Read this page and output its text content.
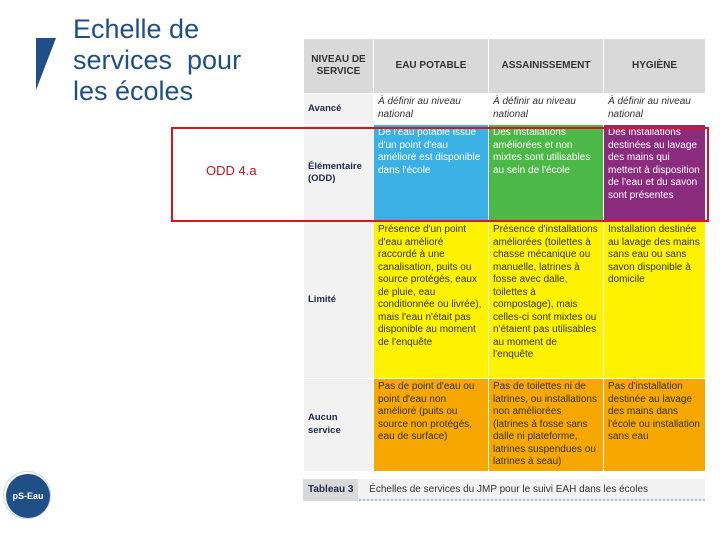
Echelle de
services  pour
les écoles
ODD 4.a
NIVEAU DE SERVICE	EAU POTABLE	ASSAINISSEMENT	HYGIÈNE
Avancé	À définir au niveau national	À définir au niveau national	À définir au niveau national
Élémentaire (ODD)	De l'eau potable issue d'un point d'eau amélioré est disponible dans l'école	Des installations améliorées et non mixtes sont utilisables au sein de l'école	Des installations destinées au lavage des mains qui mettent à disposition de l'eau et du savon sont présentes
Limité	Présence d'un point d'eau amélioré raccordé à une canalisation, puits ou source protégés, eaux de pluie, eau conditionnée ou livrée), mais l'eau n'était pas disponible au moment de l'enquête	Présence d'installations améliorées (toilettes à chasse mécanique ou manuelle, latrines à fosse avec dalle, toilettes à compostage), mais celles-ci sont mixtes ou n'étaient pas utilisables au moment de l'enquête	Installation destinée au lavage des mains sans eau ou sans savon disponible à domicile
Aucun service	Pas de point d'eau ou point d'eau non amélioré (puits ou source non protégés, eau de surface)	Pas de toilettes ni de latrines, ou installations non améliorées (latrines à fosse sans dalle ni plateforme, latrines suspendues ou latrines à seau)	Pas d'installation destinée au lavage des mains dans l'école ou installation sans eau
Tableau 3 Échelles de services du JMP pour le suivi EAH dans les écoles
pS-Eau
